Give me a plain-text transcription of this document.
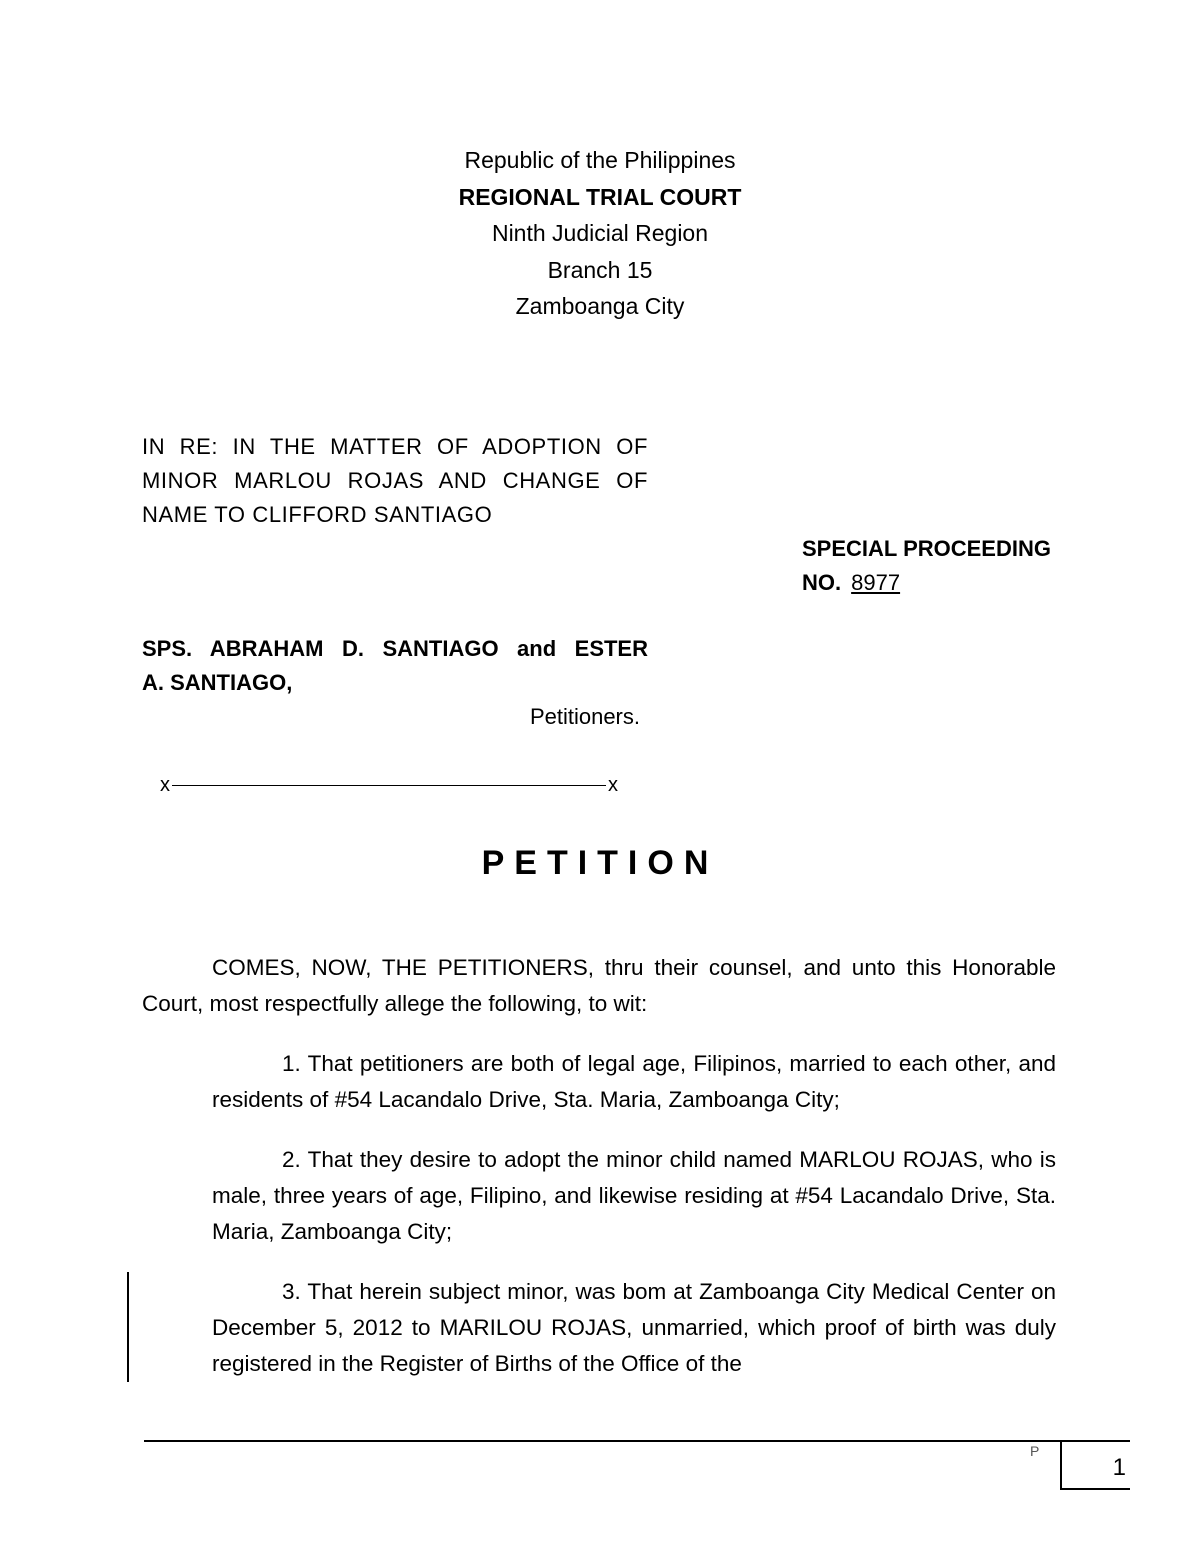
Republic of the Philippines
REGIONAL TRIAL COURT
Ninth Judicial Region
Branch 15
Zamboanga City
IN RE: IN THE MATTER OF ADOPTION OF
MINOR MARLOU ROJAS AND CHANGE OF
NAME TO CLIFFORD SANTIAGO
SPECIAL PROCEEDING
NO. 8977
SPS. ABRAHAM D. SANTIAGO and ESTER
A. SANTIAGO,
Petitioners.
x	x
PETITION
COMES, NOW, THE PETITIONERS, thru their counsel, and unto this Honorable Court, most respectfully allege the following, to wit:
1. That petitioners are both of legal age, Filipinos, married to each other, and residents of #54 Lacandalo Drive, Sta. Maria, Zamboanga City;
2. That they desire to adopt the minor child named MARLOU ROJAS, who is male, three years of age, Filipino, and likewise residing at #54 Lacandalo Drive, Sta. Maria, Zamboanga City;
3. That herein subject minor, was bom at Zamboanga City Medical Center on December 5, 2012 to MARILOU ROJAS, unmarried, which proof of birth was duly registered in the Register of Births of the Office of the
P
1
